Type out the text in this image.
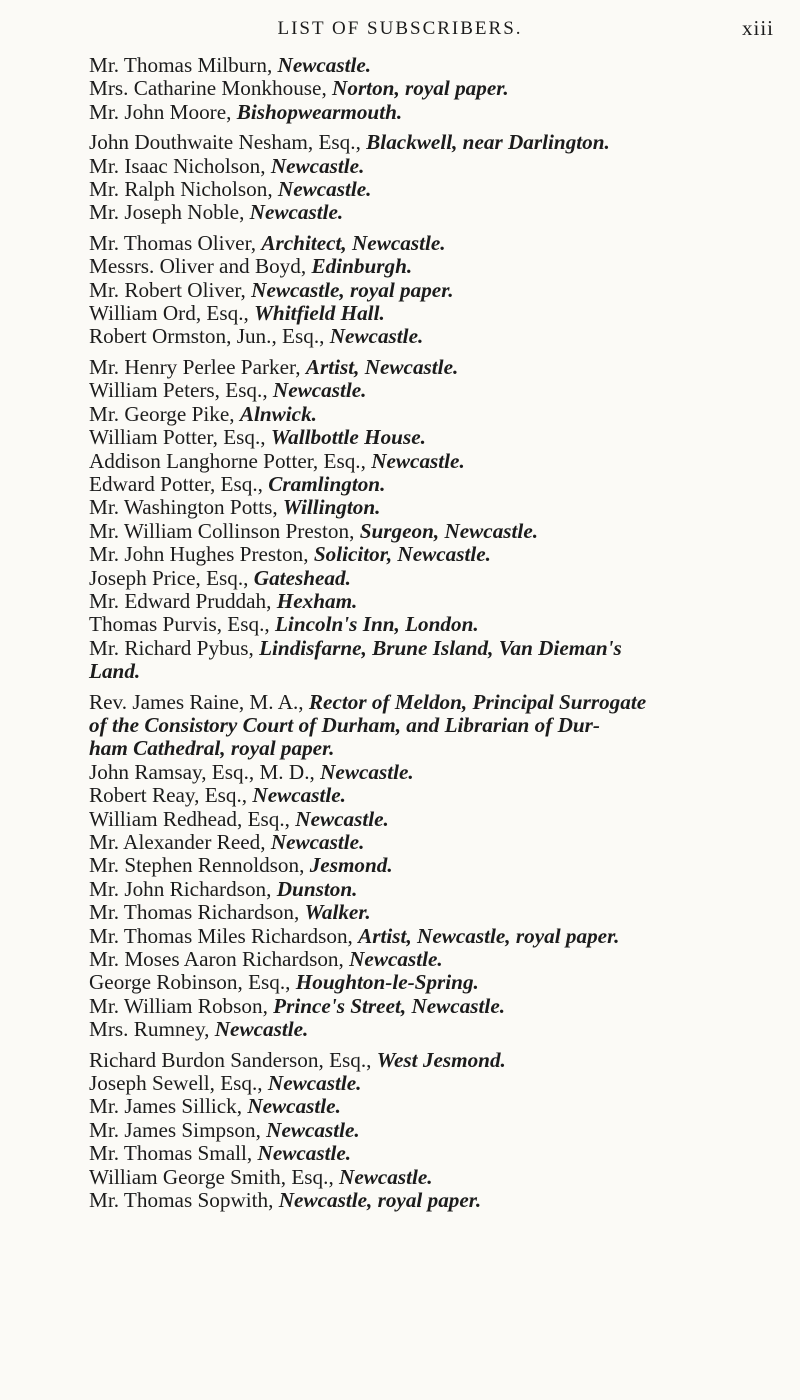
LIST OF SUBSCRIBERS.	xiii
Mr. Thomas Milburn, Newcastle.
Mrs. Catharine Monkhouse, Norton, royal paper.
Mr. John Moore, Bishopwearmouth.
John Douthwaite Nesham, Esq., Blackwell, near Darlington.
Mr. Isaac Nicholson, Newcastle.
Mr. Ralph Nicholson, Newcastle.
Mr. Joseph Noble, Newcastle.
Mr. Thomas Oliver, Architect, Newcastle.
Messrs. Oliver and Boyd, Edinburgh.
Mr. Robert Oliver, Newcastle, royal paper.
William Ord, Esq., Whitfield Hall.
Robert Ormston, Jun., Esq., Newcastle.
Mr. Henry Perlee Parker, Artist, Newcastle.
William Peters, Esq., Newcastle.
Mr. George Pike, Alnwick.
William Potter, Esq., Wallbottle House.
Addison Langhorne Potter, Esq., Newcastle.
Edward Potter, Esq., Cramlington.
Mr. Washington Potts, Willington.
Mr. William Collinson Preston, Surgeon, Newcastle.
Mr. John Hughes Preston, Solicitor, Newcastle.
Joseph Price, Esq., Gateshead.
Mr. Edward Pruddah, Hexham.
Thomas Purvis, Esq., Lincoln's Inn, London.
Mr. Richard Pybus, Lindisfarne, Brune Island, Van Dieman's
Land.
Rev. James Raine, M. A., Rector of Meldon, Principal Surrogate
of the Consistory Court of Durham, and Librarian of Dur-
ham Cathedral, royal paper.
John Ramsay, Esq., M. D., Newcastle.
Robert Reay, Esq., Newcastle.
William Redhead, Esq., Newcastle.
Mr. Alexander Reed, Newcastle.
Mr. Stephen Rennoldson, Jesmond.
Mr. John Richardson, Dunston.
Mr. Thomas Richardson, Walker.
Mr. Thomas Miles Richardson, Artist, Newcastle, royal paper.
Mr. Moses Aaron Richardson, Newcastle.
George Robinson, Esq., Houghton-le-Spring.
Mr. William Robson, Prince's Street, Newcastle.
Mrs. Rumney, Newcastle.
Richard Burdon Sanderson, Esq., West Jesmond.
Joseph Sewell, Esq., Newcastle.
Mr. James Sillick, Newcastle.
Mr. James Simpson, Newcastle.
Mr. Thomas Small, Newcastle.
William George Smith, Esq., Newcastle.
Mr. Thomas Sopwith, Newcastle, royal paper.
